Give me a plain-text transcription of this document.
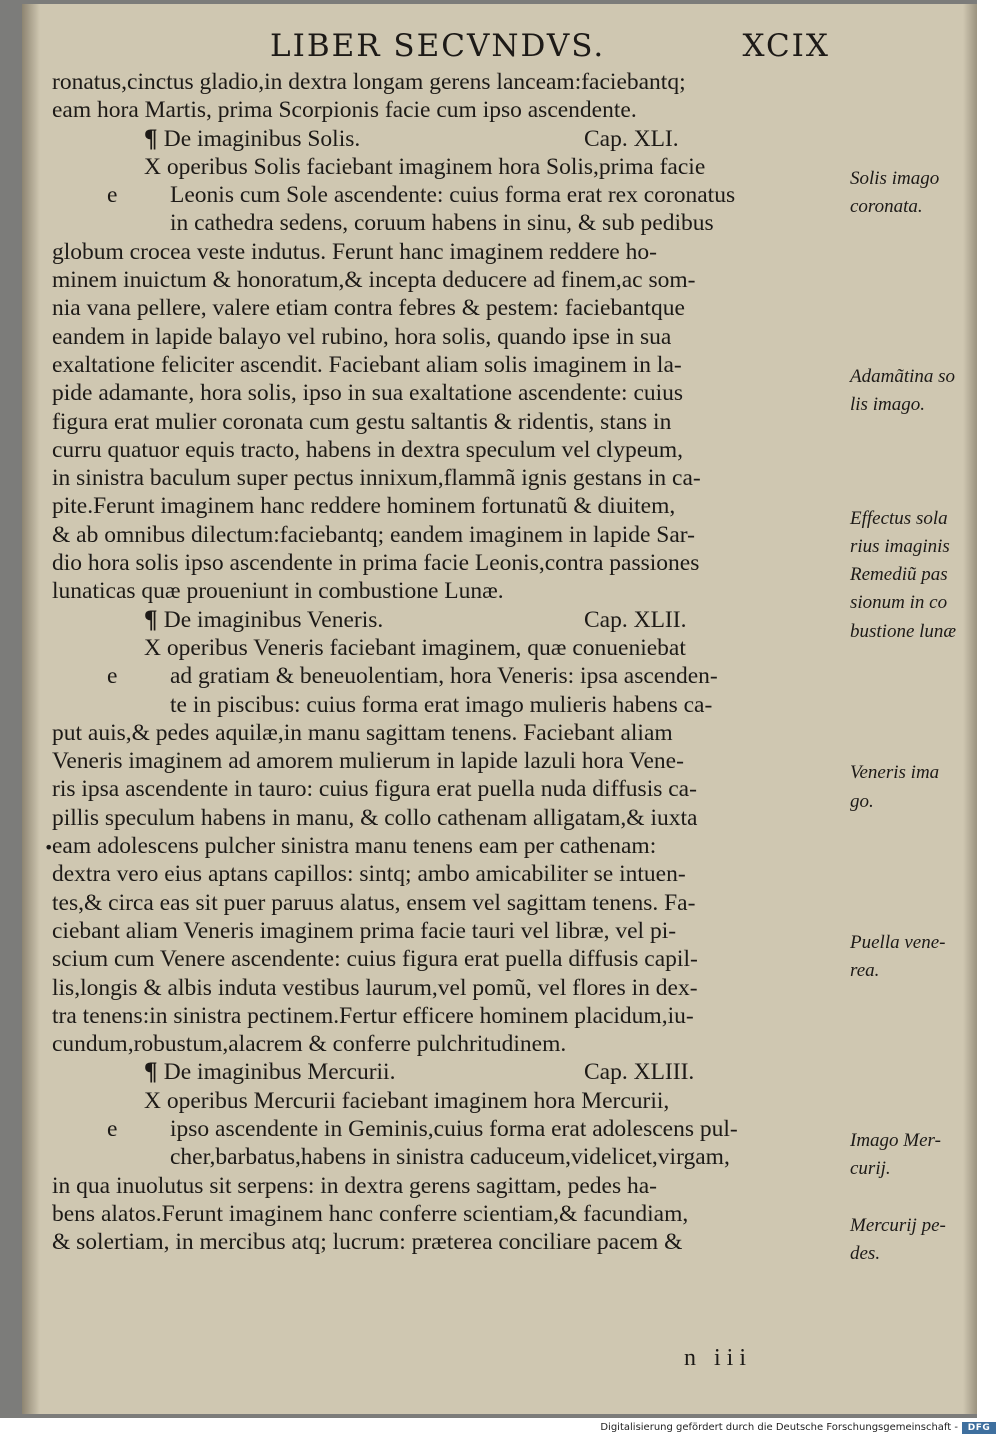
LIBER SECVNDVS.	XCIX
ronatus,cinctus gladio,in dextra longam gerens lanceam:faciebantq;
eam hora Martis, prima Scorpionis facie cum ipso ascendente.
¶ De imaginibus Solis.	Cap. XLI.
X operibus Solis faciebant imaginem hora Solis,prima facie
e Leonis cum Sole ascendente: cuius forma erat rex coronatus
in cathedra sedens, coruum habens in sinu, & sub pedibus
globum crocea veste indutus. Ferunt hanc imaginem reddere ho-
minem inuictum & honoratum,& incepta deducere ad finem,ac som-
nia vana pellere, valere etiam contra febres & pestem: faciebantque
eandem in lapide balayo vel rubino, hora solis, quando ipse in sua
exaltatione feliciter ascendit. Faciebant aliam solis imaginem in la-
pide adamante, hora solis, ipso in sua exaltatione ascendente: cuius
figura erat mulier coronata cum gestu saltantis & ridentis, stans in
curru quatuor equis tracto, habens in dextra speculum vel clypeum,
in sinistra baculum super pectus innixum,flammã ignis gestans in ca-
pite.Ferunt imaginem hanc reddere hominem fortunatũ & diuitem,
& ab omnibus dilectum:faciebantq; eandem imaginem in lapide Sar-
dio hora solis ipso ascendente in prima facie Leonis,contra passiones
lunaticas quæ proueniunt in combustione Lunæ.
¶ De imaginibus Veneris.	Cap. XLII.
X operibus Veneris faciebant imaginem, quæ conueniebat
e ad gratiam & beneuolentiam, hora Veneris: ipsa ascenden-
te in piscibus: cuius forma erat imago mulieris habens ca-
put auis,& pedes aquilæ,in manu sagittam tenens. Faciebant aliam
Veneris imaginem ad amorem mulierum in lapide lazuli hora Vene-
ris ipsa ascendente in tauro: cuius figura erat puella nuda diffusis ca-
pillis speculum habens in manu, & collo cathenam alligatam,& iuxta
eam adolescens pulcher sinistra manu tenens eam per cathenam:
dextra vero eius aptans capillos: sintq; ambo amicabiliter se intuen-
tes,& circa eas sit puer paruus alatus, ensem vel sagittam tenens. Fa-
ciebant aliam Veneris imaginem prima facie tauri vel libræ, vel pi-
scium cum Venere ascendente: cuius figura erat puella diffusis capil-
lis,longis & albis induta vestibus laurum,vel pomũ, vel flores in dex-
tra tenens:in sinistra pectinem.Fertur efficere hominem placidum,iu-
cundum,robustum,alacrem & conferre pulchritudinem.
¶ De imaginibus Mercurii.	Cap. XLIII.
X operibus Mercurii faciebant imaginem hora Mercurii,
e ipso ascendente in Geminis,cuius forma erat adolescens pul-
cher,barbatus,habens in sinistra caduceum,videlicet,virgam,
in qua inuolutus sit serpens: in dextra gerens sagittam, pedes ha-
bens alatos.Ferunt imaginem hanc conferre scientiam,& facundiam,
& solertiam, in mercibus atq; lucrum: præterea conciliare pacem &
Solis imago
coronata.
Adamãtina so
lis imago.
Effectus sola
rius imaginis
Remediũ pas
sionum in co
bustione lunæ
Veneris ima
go.
Puella vene-
rea.
Imago Mer-
curij.
Mercurij pe-
des.
n iii
•
Digitalisierung gefördert durch die Deutsche Forschungsgemeinschaft -	DFG
